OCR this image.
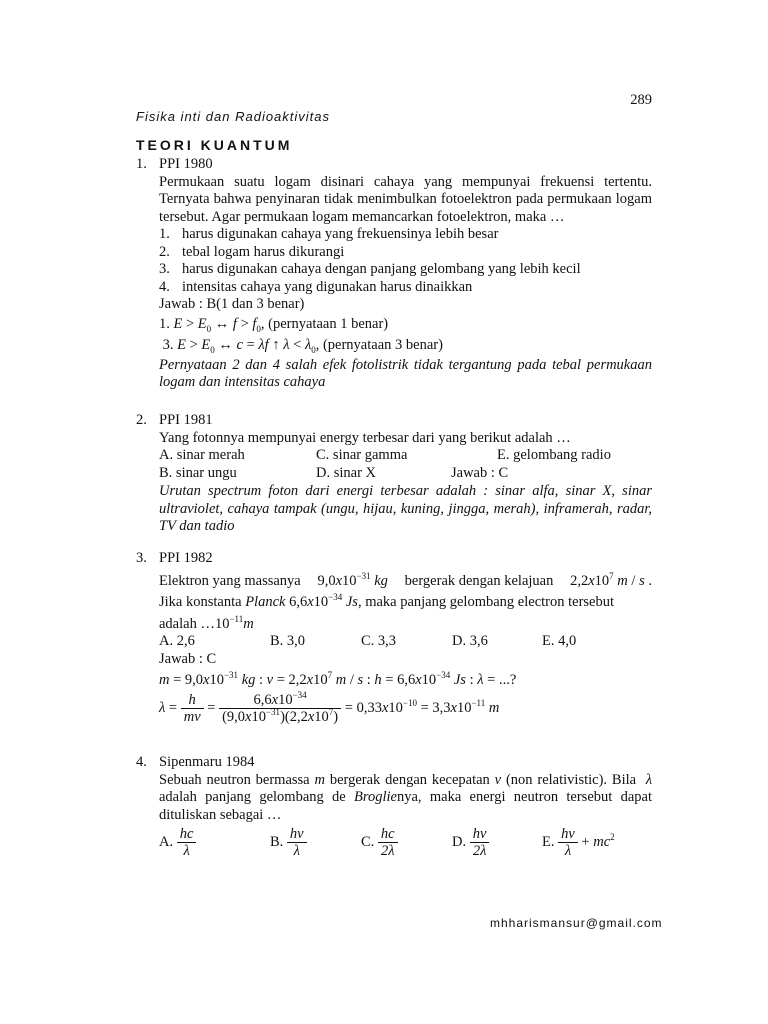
289
Fisika inti dan Radioaktivitas
TEORI KUANTUM
1. PPI 1980
Permukaan suatu logam disinari cahaya yang mempunyai frekuensi tertentu. Ternyata bahwa penyinaran tidak menimbulkan fotoelektron pada permukaan logam tersebut. Agar permukaan logam memancarkan fotoelektron, maka …
1. harus digunakan cahaya yang frekuensinya lebih besar
2. tebal logam harus dikurangi
3. harus digunakan cahaya dengan panjang gelombang yang lebih kecil
4. intensitas cahaya yang digunakan harus dinaikkan
Jawab : B(1 dan 3 benar)
1. $E > E_0$ ↔ $f > f_0$, (pernyataan 1 benar)
3. $E > E_0$ ↔ c = λf ↑ $\lambda < \lambda_0$, (pernyataan 3 benar)
Pernyataan 2 dan 4 salah efek fotolistrik tidak tergantung pada tebal permukaan logam dan intensitas cahaya
2. PPI 1981
Yang fotonnya mempunyai energy terbesar dari yang berikut adalah …
A. sinar merah	C. sinar gamma	E. gelombang radio
B. sinar ungu	D. sinar X	Jawab : C
Urutan spectrum foton dari energi terbesar adalah : sinar alfa, sinar X, sinar ultraviolet, cahaya tampak (ungu, hijau, kuning, jingga, merah), inframerah, radar, TV dan tadio
3. PPI 1982
Elektron yang massanya $9,0x10^{-31}$ kg bergerak dengan kelajuan $2,2x10^7$ m / s .
Jika konstanta Planck $6,6x10^{-34}$ Js, maka panjang gelombang electron tersebut
adalah $\dots 10^{-11}m$
A. 2,6	B. 3,0	C. 3,3	D. 3,6	E. 4,0
Jawab : C
$m = 9,0x10^{-31}$ kg : $v = 2,2x10^7$ m / s : $h = 6,6x10^{-34}$ Js : λ = ...?
$\lambda = \frac{h}{mv} = \frac{6,6x10^{-34}}{(9,0x10^{-31})(2,2x10^7)} = 0,33x10^{-10} = 3,3x10^{-11}$ m
4. Sipenmaru 1984
Sebuah neutron bermassa m bergerak dengan kecepatan v (non relativistic). Bila λ adalah panjang gelombang de Broglienya, maka energi neutron tersebut dapat dituliskan sebagai …
A. $\frac{hc}{\lambda}$	B. $\frac{hv}{\lambda}$	C. $\frac{hc}{2\lambda}$	D. $\frac{hv}{2\lambda}$	E. $\frac{hv}{\lambda} + mc^2$
mhharismansur@gmail.com
